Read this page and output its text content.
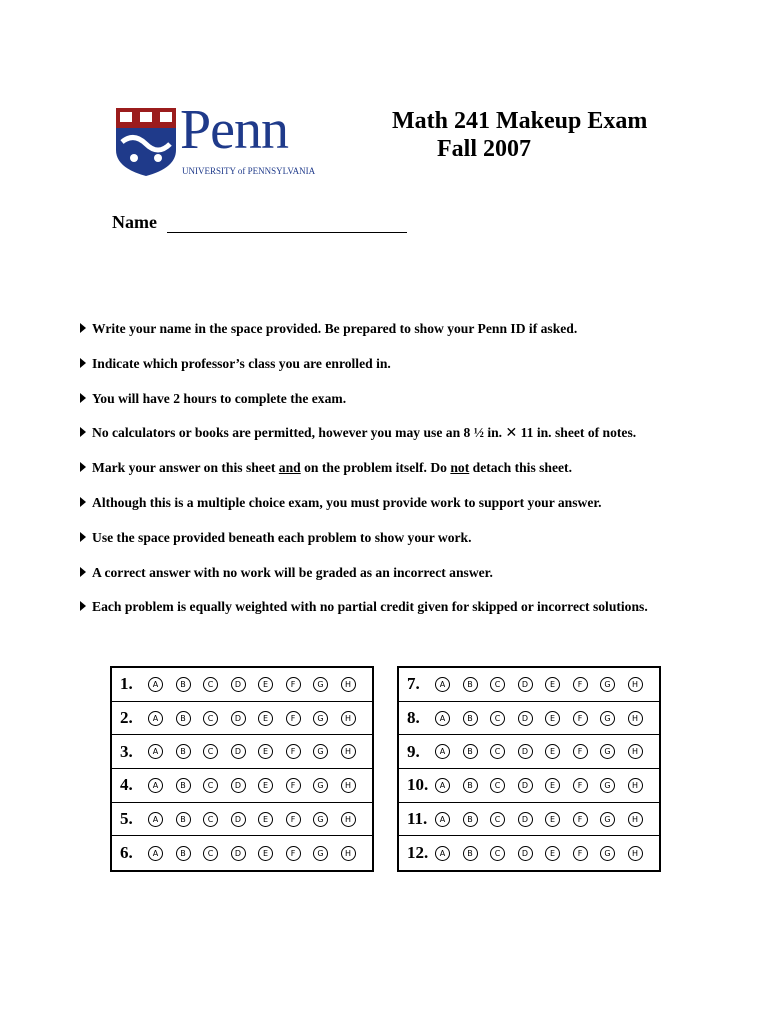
Penn
UNIVERSITY of PENNSYLVANIA
Math 241 Makeup Exam
Fall 2007
Name
Write your name in the space provided. Be prepared to show your Penn ID if asked.
Indicate which professor’s class you are enrolled in.
You will have 2 hours to complete the exam.
No calculators or books are permitted, however you may use an 8 ½ in. ✕ 11 in. sheet of notes.
Mark your answer on this sheet and on the problem itself. Do not detach this sheet.
Although this is a multiple choice exam, you must provide work to support your answer.
Use the space provided beneath each problem to show your work.
A correct answer with no work will be graded as an incorrect answer.
Each problem is equally weighted with no partial credit given for skipped or incorrect solutions.
1.	A	B	C	D	E	F	G	H
2.	A	B	C	D	E	F	G	H
3.	A	B	C	D	E	F	G	H
4.	A	B	C	D	E	F	G	H
5.	A	B	C	D	E	F	G	H
6.	A	B	C	D	E	F	G	H
7.	A	B	C	D	E	F	G	H
8.	A	B	C	D	E	F	G	H
9.	A	B	C	D	E	F	G	H
10.	A	B	C	D	E	F	G	H
11.	A	B	C	D	E	F	G	H
12.	A	B	C	D	E	F	G	H
